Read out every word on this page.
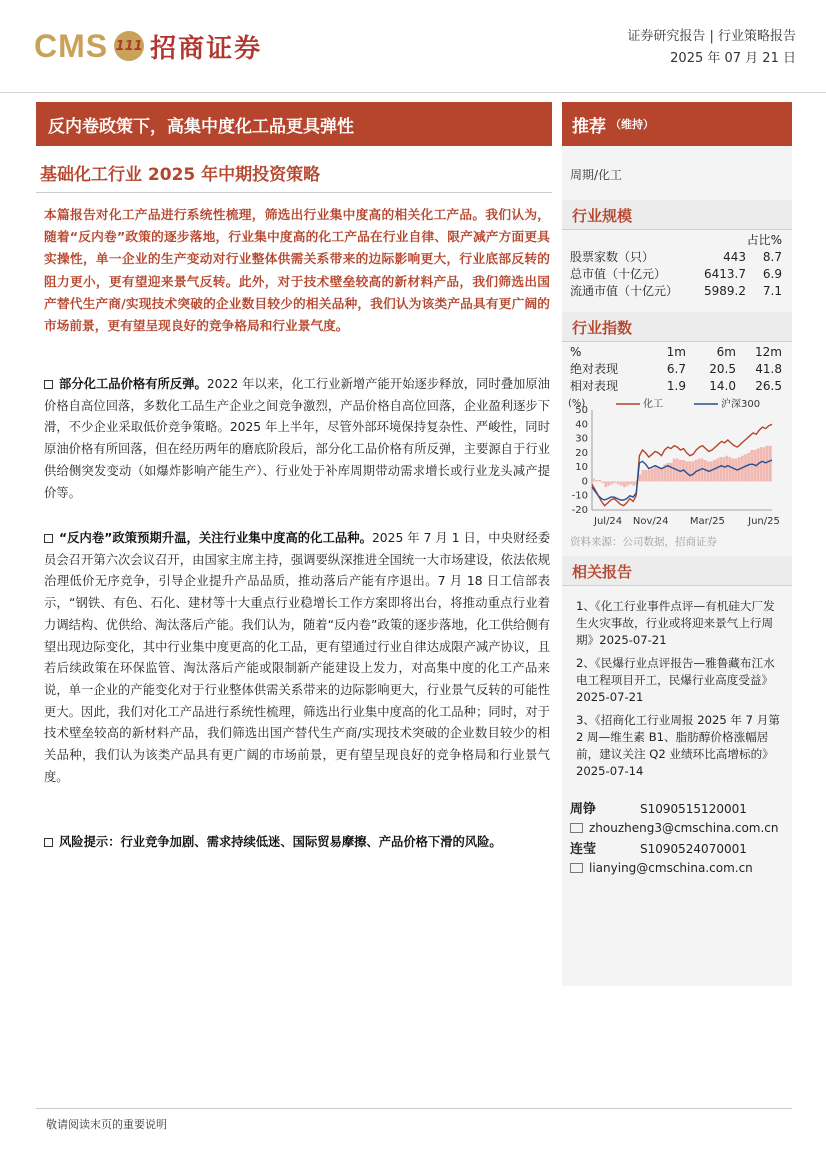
CMS 111 招商证券	证券研究报告 | 行业策略报告
2025 年 07 月 21 日
反内卷政策下，高集中度化工品更具弹性
基础化工行业 2025 年中期投资策略
本篇报告对化工产品进行系统性梳理，筛选出行业集中度高的相关化工产品。我们认为，随着“反内卷”政策的逐步落地，行业集中度高的化工产品在行业自律、限产减产方面更具实操性，单一企业的生产变动对行业整体供需关系带来的边际影响更大，行业底部反转的阻力更小，更有望迎来景气反转。此外，对于技术壁垒较高的新材料产品，我们筛选出国产替代生产商/实现技术突破的企业数目较少的相关品种，我们认为该类产品具有更广阔的市场前景，更有望呈现良好的竞争格局和行业景气度。
部分化工品价格有所反弹。2022 年以来，化工行业新增产能开始逐步释放，同时叠加原油价格自高位回落，多数化工品生产企业之间竞争激烈，产品价格自高位回落，企业盈利逐步下滑，不少企业采取低价竞争策略。2025 年上半年，尽管外部环境保持复杂性、严峻性，同时原油价格有所回落，但在经历两年的磨底阶段后，部分化工品价格有所反弹，主要源自于行业供给侧突发变动（如爆炸影响产能生产）、行业处于补库周期带动需求增长或行业龙头减产提价等。
“反内卷”政策预期升温，关注行业集中度高的化工品种。2025 年 7 月 1 日，中央财经委员会召开第六次会议召开，由国家主席主持，强调要纵深推进全国统一大市场建设，依法依规治理低价无序竞争，引导企业提升产品品质，推动落后产能有序退出。7 月 18 日工信部表示，“钢铁、有色、石化、建材等十大重点行业稳增长工作方案即将出台，将推动重点行业着力调结构、优供给、淘汰落后产能。我们认为，随着“反内卷”政策的逐步落地，化工供给侧有望出现边际变化，其中行业集中度更高的化工品，更有望通过行业自律达成限产减产协议，且若后续政策在环保监管、淘汰落后产能或限制新产能建设上发力，对高集中度的化工产品来说，单一企业的产能变化对于行业整体供需关系带来的边际影响更大，行业景气反转的可能性更大。因此，我们对化工产品进行系统性梳理，筛选出行业集中度高的化工品种；同时，对于技术壁垒较高的新材料产品，我们筛选出国产替代生产商/实现技术突破的企业数目较少的相关品种，我们认为该类产品具有更广阔的市场前景，更有望呈现良好的竞争格局和行业景气度。
风险提示：行业竞争加剧、需求持续低迷、国际贸易摩擦、产品价格下滑的风险。
推荐 （维持）
周期/化工
行业规模
		占比%
股票家数（只）	443	8.7
总市值（十亿元）	6413.7	6.9
流通市值（十亿元）	5989.2	7.1
行业指数
%	1m	6m	12m
绝对表现	6.7	20.5	41.8
相对表现	1.9	14.0	26.5
(%)
-20
-10
0
10
20
30
40
50
Jul/24 Nov/24 Mar/25 Jun/25
化工	沪深300
资料来源：公司数据，招商证券
相关报告
1、《化工行业事件点评—有机硅大厂发生火灾事故，行业或将迎来景气上行周期》2025-07-21
2、《民爆行业点评报告—雅鲁藏布江水电工程项目开工，民爆行业高度受益》2025-07-21
3、《招商化工行业周报 2025 年 7 月第 2 周—维生素 B1、脂肪醇价格涨幅居前，建议关注 Q2 业绩环比高增标的》2025-07-14
周铮	S1090515120001
zhouzheng3@cmschina.com.cn
连莹	S1090524070001
lianying@cmschina.com.cn
敬请阅读末页的重要说明
